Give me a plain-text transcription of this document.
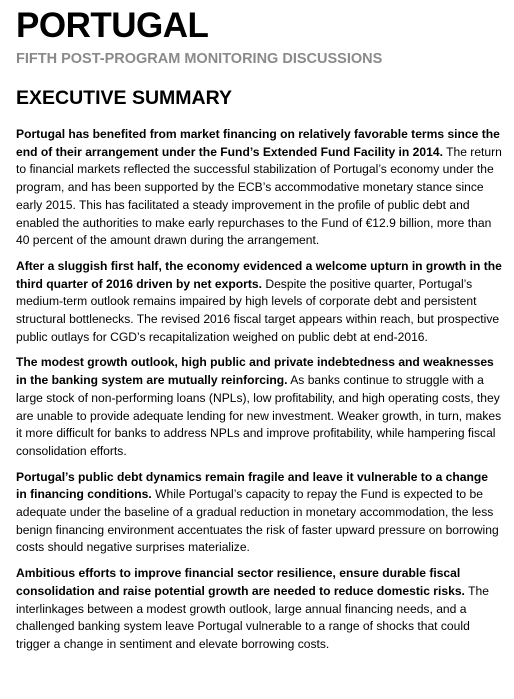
PORTUGAL
FIFTH POST-PROGRAM MONITORING DISCUSSIONS
EXECUTIVE SUMMARY

Portugal has benefited from market financing on relatively favorable terms since the end of their arrangement under the Fund’s Extended Fund Facility in 2014. The return to financial markets reflected the successful stabilization of Portugal’s economy under the program, and has been supported by the ECB’s accommodative monetary stance since early 2015. This has facilitated a steady improvement in the profile of public debt and enabled the authorities to make early repurchases to the Fund of €12.9 billion, more than 40 percent of the amount drawn during the arrangement.

After a sluggish first half, the economy evidenced a welcome upturn in growth in the third quarter of 2016 driven by net exports. Despite the positive quarter, Portugal’s medium-term outlook remains impaired by high levels of corporate debt and persistent structural bottlenecks. The revised 2016 fiscal target appears within reach, but prospective public outlays for CGD’s recapitalization weighed on public debt at end-2016.

The modest growth outlook, high public and private indebtedness and weaknesses in the banking system are mutually reinforcing. As banks continue to struggle with a large stock of non-performing loans (NPLs), low profitability, and high operating costs, they are unable to provide adequate lending for new investment. Weaker growth, in turn, makes it more difficult for banks to address NPLs and improve profitability, while hampering fiscal consolidation efforts.

Portugal’s public debt dynamics remain fragile and leave it vulnerable to a change in financing conditions. While Portugal’s capacity to repay the Fund is expected to be adequate under the baseline of a gradual reduction in monetary accommodation, the less benign financing environment accentuates the risk of faster upward pressure on borrowing costs should negative surprises materialize.

Ambitious efforts to improve financial sector resilience, ensure durable fiscal consolidation and raise potential growth are needed to reduce domestic risks. The interlinkages between a modest growth outlook, large annual financing needs, and a challenged banking system leave Portugal vulnerable to a range of shocks that could trigger a change in sentiment and elevate borrowing costs.
